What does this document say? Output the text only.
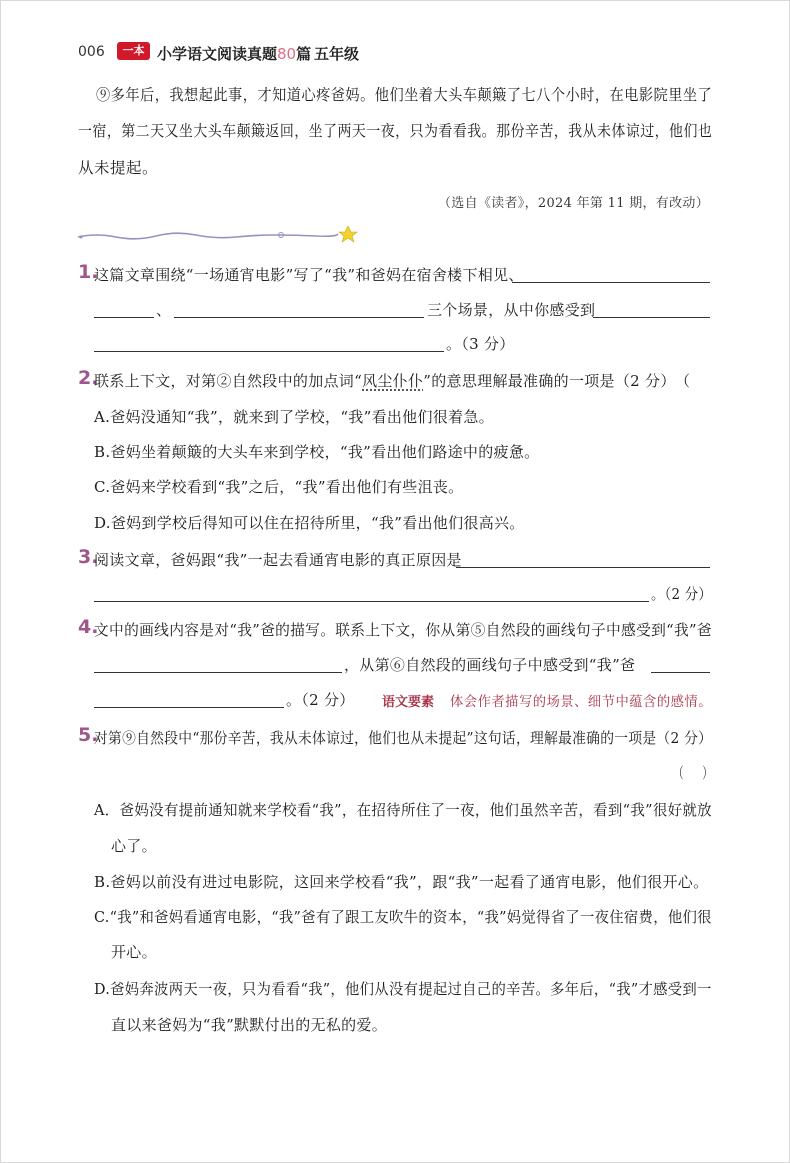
006	一本 小学语文阅读真题80篇 五年级
⑨多年后，我想起此事，才知道心疼爸妈。他们坐着大头车颠簸了七八个小时，在电影院里坐了
一宿，第二天又坐大头车颠簸返回，坐了两天一夜，只为看看我。那份辛苦，我从未体谅过，他们也
从未提起。
（选自《读者》，2024 年第 11 期，有改动）
1.
这篇文章围绕“一场通宵电影”写了“我”和爸妈在宿舍楼下相见、
、	三个场景，从中你感受到
。（3 分）
2.
联系上下文，对第②自然段中的加点词“风尘仆仆”的意思理解最准确的一项是（2 分） （
A.爸妈没通知“我”，就来到了学校，“我”看出他们很着急。
B.爸妈坐着颠簸的大头车来到学校，“我”看出他们路途中的疲惫。
C.爸妈来学校看到“我”之后，“我”看出他们有些沮丧。
D.爸妈到学校后得知可以住在招待所里，“我”看出他们很高兴。
3.
阅读文章，爸妈跟“我”一起去看通宵电影的真正原因是
。（2 分）
4.
文中的画线内容是对“我”爸的描写。联系上下文，你从第⑤自然段的画线句子中感受到“我”爸
，从第⑥自然段的画线句子中感受到“我”爸
。（2 分） 语文要素 体会作者描写的场景、细节中蕴含的感情。
5.
对第⑨自然段中“那份辛苦，我从未体谅过，他们也从未提起”这句话，理解最准确的一项是（2 分）
（　　）
A．爸妈没有提前通知就来学校看“我”，在招待所住了一夜，他们虽然辛苦，看到“我”很好就放
心了。
B.爸妈以前没有进过电影院，这回来学校看“我”，跟“我”一起看了通宵电影，他们很开心。
C.“我”和爸妈看通宵电影，“我”爸有了跟工友吹牛的资本，“我”妈觉得省了一夜住宿费，他们很
开心。
D.爸妈奔波两天一夜，只为看看“我”，他们从没有提起过自己的辛苦。多年后，“我”才感受到一
直以来爸妈为“我”默默付出的无私的爱。
